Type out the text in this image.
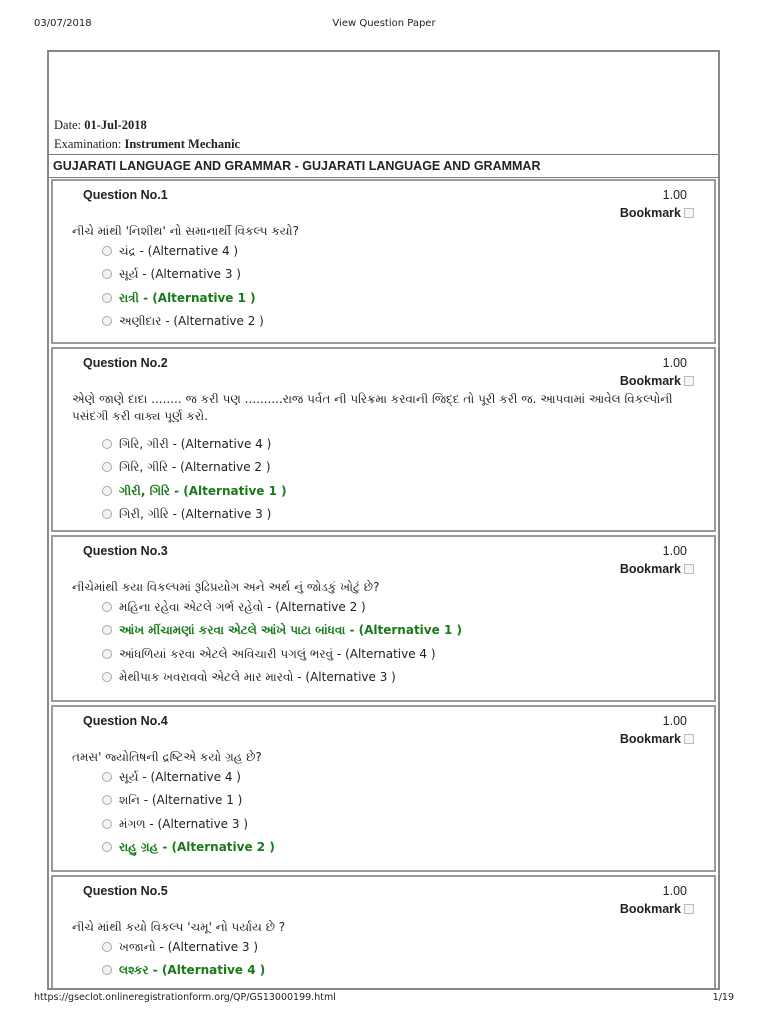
03/07/2018	View Question Paper
Date: 01-Jul-2018
Examination: Instrument Mechanic
GUJARATI LANGUAGE AND GRAMMAR - GUJARATI LANGUAGE AND GRAMMAR
Question No.1	1.00
Bookmark
નીચે માંથી 'નિશીથ' નો સમાનાર્થી વિકલ્પ કયો?
ચંદ્ર - (Alternative 4 )
સૂર્ય - (Alternative 3 )
રાત્રી - (Alternative 1 )
અણીદાર - (Alternative 2 )
Question No.2	1.00
Bookmark
એણે જાણે દાદા ........ જ કરી પણ ..........રાજ પર્વત ની પરિક્રમા કરવાની જિદ્દ તો પૂરી કરી જ. આપવામાં આવેલ વિકલ્પોની પસંદગી કરી વાક્ય પૂર્ણ કરો.
ગિરિ, ગીરી - (Alternative 4 )
ગિરિ, ગીરિ - (Alternative 2 )
ગીરી, ગિરિ - (Alternative 1 )
ગિરી, ગીરિ - (Alternative 3 )
Question No.3	1.00
Bookmark
નીચેમાંથી કયા વિકલ્પમાં રૂઢિપ્રયોગ અને અર્થ નું જોડકું ખોટું છે?
મહિના રહેવા એટલે ગર્ભ રહેવો - (Alternative 2 )
આંખ મીંચામણાં કરવા એટલે આંખે પાટા બાંધવા - (Alternative 1 )
આંધળિયાં કરવા એટલે અવિચારી પગલું ભરવું - (Alternative 4 )
મેથીપાક ખવરાવવો એટલે માર મારવો - (Alternative 3 )
Question No.4	1.00
Bookmark
તમસ' જ્યોતિષની દ્રષ્ટિએ કયો ગ્રહ છે?
સૂર્ય - (Alternative 4 )
શનિ - (Alternative 1 )
મંગળ - (Alternative 3 )
રાહુ ગ્રહ - (Alternative 2 )
Question No.5	1.00
Bookmark
નીચે માંથી કયો વિકલ્પ 'ચમૂ' નો પર્યાય છે ?
ખજાનો - (Alternative 3 )
લશ્કર - (Alternative 4 )
https://gseclot.onlineregistrationform.org/QP/GS13000199.html	1/19
